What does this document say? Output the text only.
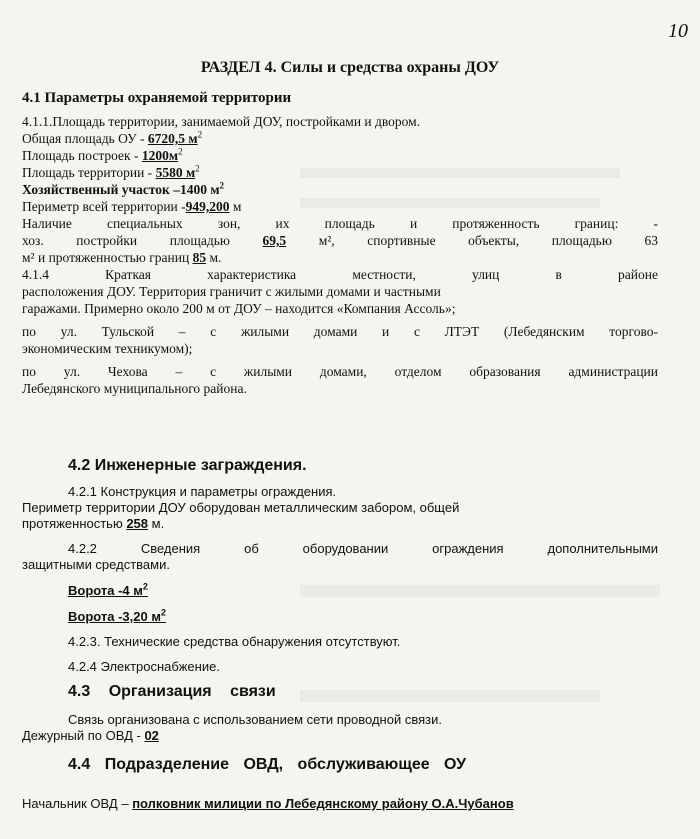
10
РАЗДЕЛ 4. Силы и средства охраны ДОУ
4.1 Параметры охраняемой территории
4.1.1.Площадь территории, занимаемой ДОУ, постройками и двором.
Общая площадь ОУ - 6720,5 $м^2$
Площадь построек - $1200м^2$
Площадь территории - 5580 $м^2$
Хозяйственный участок –1400 $м^2$
Периметр всей территории -949,200 м
Наличие специальных зон, их площадь и протяженность границ: -
хоз. постройки площадью 69,5 м², спортивные объекты, площадью 63
м² и протяженностью границ 85 м.
4.1.4 Краткая характеристика местности, улиц в районе
расположения ДОУ. Территория граничит с жилыми домами и частными
гаражами. Примерно около 200 м от ДОУ – находится «Компания Ассоль»;
по ул. Тульской – с жилыми домами и с ЛТЭТ (Лебедянским торгово-
экономическим техникумом);
по ул. Чехова – с жилыми домами, отделом образования администрации
Лебедянского муниципального района.
4.2 Инженерные заграждения.
4.2.1 Конструкция и параметры ограждения.
Периметр территории ДОУ оборудован металлическим забором, общей
протяженностью 258 м.
4.2.2 Сведения об оборудовании ограждения дополнительными
защитными средствами.
Ворота -4 $м^2$
Ворота -3,20 $м^2$
4.2.3. Технические средства обнаружения отсутствуют.
4.2.4 Электроснабжение.
4.3 Организация связи
Связь организована с использованием сети проводной связи.
Дежурный по ОВД - 02
4.4 Подразделение ОВД, обслуживающее ОУ
Начальник ОВД – полковник милиции по Лебедянскому району О.А.Чубанов
